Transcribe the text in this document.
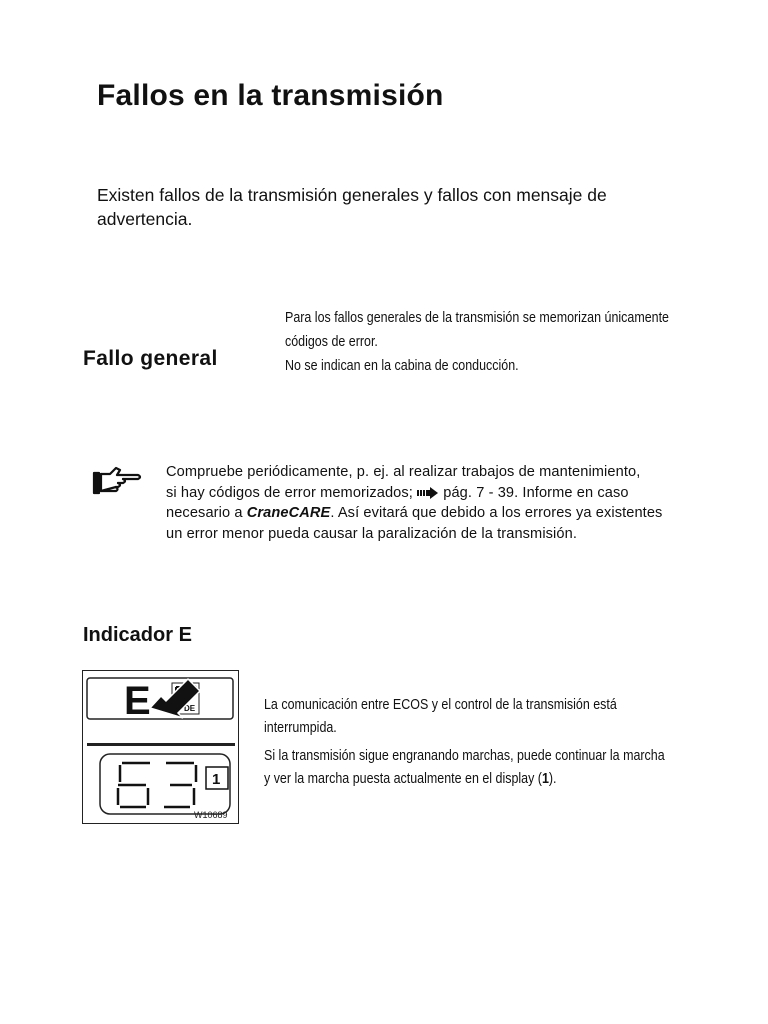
Fallos en la transmisión
Existen fallos de la transmisión generales y fallos con mensaje de
advertencia.
Fallo general
Para los fallos generales de la transmisión se memorizan únicamente
códigos de error.
No se indican en la cabina de conducción.
Compruebe periódicamente, p. ej. al realizar trabajos de mantenimiento,
si hay códigos de error memorizados;  pág. 7 - 39. Informe en caso
necesario a CraneCARE. Así evitará que debido a los errores ya existentes
un error menor pueda causar la paralización de la transmisión.
Indicador E
E	DE
1
W10689

La comunicación entre ECOS y el control de la transmisión está
interrumpida.

Si la transmisión sigue engranando marchas, puede continuar la marcha
y ver la marcha puesta actualmente en el display (1).
